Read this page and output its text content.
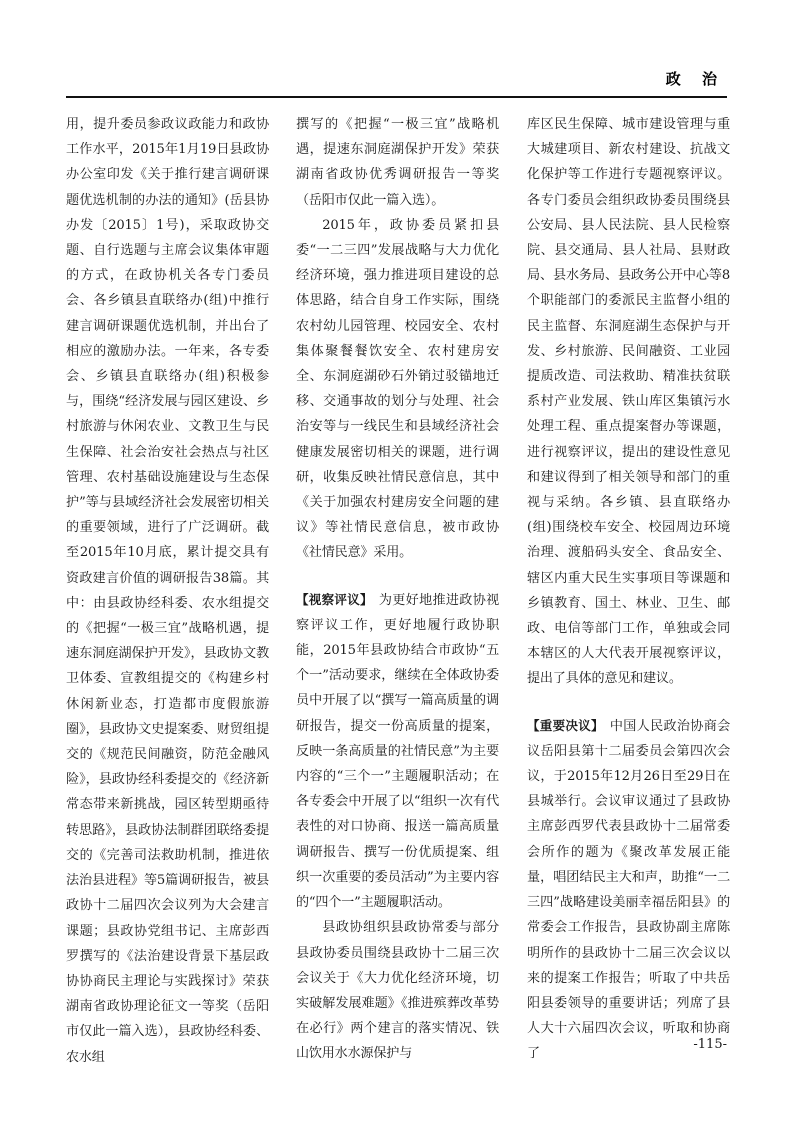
政 治

用，提升委员参政议政能力和政协工作水平，2015年1月19日县政协办公室印发《关于推行建言调研课题优选机制的办法的通知》(岳县协办发〔2015〕1号)，采取政协交题、自行选题与主席会议集体审题的方式，在政协机关各专门委员会、各乡镇县直联络办(组)中推行建言调研课题优选机制，并出台了相应的激励办法。一年来，各专委会、乡镇县直联络办(组)积极参与，围绕“经济发展与园区建设、乡村旅游与休闲农业、文教卫生与民生保障、社会治安社会热点与社区管理、农村基础设施建设与生态保护”等与县域经济社会发展密切相关的重要领域，进行了广泛调研。截至2015年10月底，累计提交具有资政建言价值的调研报告38篇。其中：由县政协经科委、农水组提交的《把握“一极三宜”战略机遇，提速东洞庭湖保护开发》，县政协文教卫体委、宣教组提交的《构建乡村休闲新业态，打造都市度假旅游圈》，县政协文史提案委、财贸组提交的《规范民间融资，防范金融风险》，县政协经科委提交的《经济新常态带来新挑战，园区转型期亟待转思路》，县政协法制群团联络委提交的《完善司法救助机制，推进依法治县进程》等5篇调研报告，被县政协十二届四次会议列为大会建言课题；县政协党组书记、主席彭西罗撰写的《法治建设背景下基层政协协商民主理论与实践探讨》荣获湖南省政协理论征文一等奖（岳阳市仅此一篇入选），县政协经科委、农水组

撰写的《把握“一极三宜”战略机遇，提速东洞庭湖保护开发》荣获湖南省政协优秀调研报告一等奖（岳阳市仅此一篇入选）。

2015年，政协委员紧扣县委“一二三四”发展战略与大力优化经济环境，强力推进项目建设的总体思路，结合自身工作实际，围绕农村幼儿园管理、校园安全、农村集体聚餐餐饮安全、农村建房安全、东洞庭湖砂石外销过驳锚地迁移、交通事故的划分与处理、社会治安等与一线民生和县域经济社会健康发展密切相关的课题，进行调研，收集反映社情民意信息，其中《关于加强农村建房安全问题的建议》等社情民意信息，被市政协《社情民意》采用。

【视察评议】 为更好地推进政协视察评议工作，更好地履行政协职能，2015年县政协结合市政协“五个一”活动要求，继续在全体政协委员中开展了以“撰写一篇高质量的调研报告，提交一份高质量的提案，反映一条高质量的社情民意”为主要内容的“三个一”主题履职活动；在各专委会中开展了以“组织一次有代表性的对口协商、报送一篇高质量调研报告、撰写一份优质提案、组织一次重要的委员活动”为主要内容的“四个一”主题履职活动。

县政协组织县政协常委与部分县政协委员围绕县政协十二届三次会议关于《大力优化经济环境，切实破解发展难题》《推进殡葬改革势在必行》两个建言的落实情况、铁山饮用水水源保护与

库区民生保障、城市建设管理与重大城建项目、新农村建设、抗战文化保护等工作进行专题视察评议。各专门委员会组织政协委员围绕县公安局、县人民法院、县人民检察院、县交通局、县人社局、县财政局、县水务局、县政务公开中心等8个职能部门的委派民主监督小组的民主监督、东洞庭湖生态保护与开发、乡村旅游、民间融资、工业园提质改造、司法救助、精准扶贫联系村产业发展、铁山库区集镇污水处理工程、重点提案督办等课题，进行视察评议，提出的建设性意见和建议得到了相关领导和部门的重视与采纳。各乡镇、县直联络办(组)围绕校车安全、校园周边环境治理、渡船码头安全、食品安全、辖区内重大民生实事项目等课题和乡镇教育、国土、林业、卫生、邮政、电信等部门工作，单独或会同本辖区的人大代表开展视察评议，提出了具体的意见和建议。

【重要决议】 中国人民政治协商会议岳阳县第十二届委员会第四次会议，于2015年12月26日至29日在县城举行。会议审议通过了县政协主席彭西罗代表县政协十二届常委会所作的题为《聚改革发展正能量，唱团结民主大和声，助推“一二三四”战略建设美丽幸福岳阳县》的常委会工作报告，县政协副主席陈明所作的县政协十二届三次会议以来的提案工作报告；听取了中共岳阳县委领导的重要讲话；列席了县人大十六届四次会议，听取和协商了

-115-
